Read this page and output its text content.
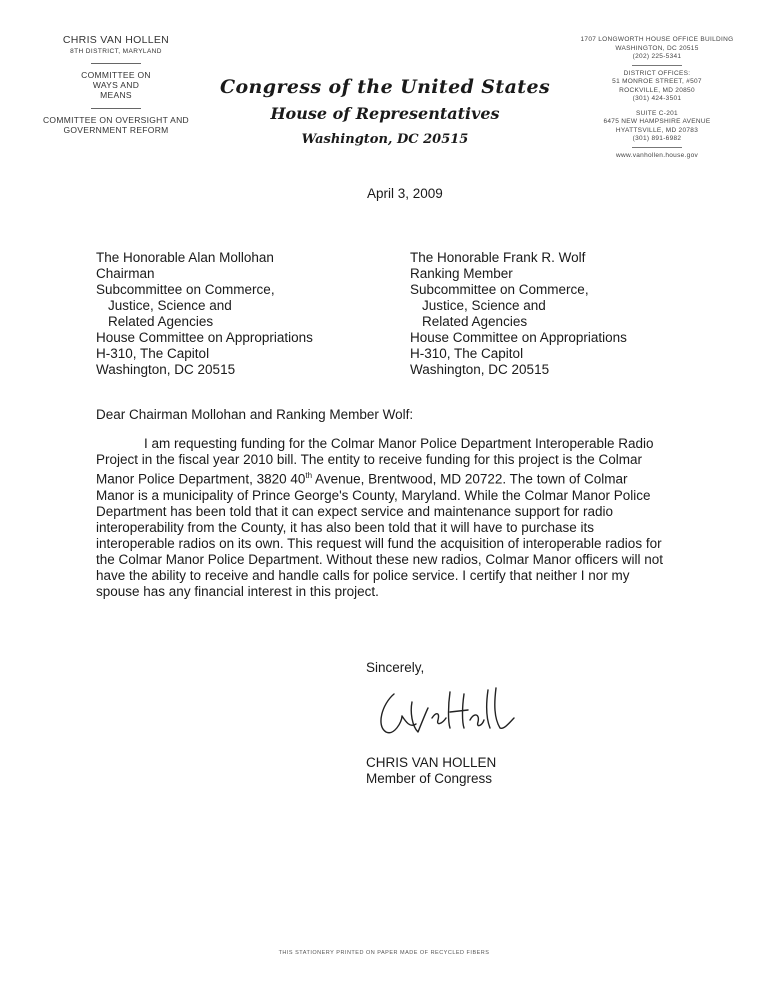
CHRIS VAN HOLLEN
8TH DISTRICT, MARYLAND
COMMITTEE ON WAYS AND MEANS
COMMITTEE ON OVERSIGHT AND GOVERNMENT REFORM
Congress of the United States
House of Representatives
Washington, DC 20515
1707 LONGWORTH HOUSE OFFICE BUILDING
WASHINGTON, DC 20515
(202) 225-5341
DISTRICT OFFICES:
51 MONROE STREET, #507
ROCKVILLE, MD 20850
(301) 424-3501
SUITE C-201
6475 NEW HAMPSHIRE AVENUE
HYATTSVILLE, MD 20783
(301) 891-6982
www.vanhollen.house.gov
April 3, 2009
The Honorable Alan Mollohan
Chairman
Subcommittee on Commerce,
Justice, Science and
Related Agencies
House Committee on Appropriations
H-310, The Capitol
Washington, DC 20515
The Honorable Frank R. Wolf
Ranking Member
Subcommittee on Commerce,
Justice, Science and
Related Agencies
House Committee on Appropriations
H-310, The Capitol
Washington, DC 20515
Dear Chairman Mollohan and Ranking Member Wolf:
I am requesting funding for the Colmar Manor Police Department Interoperable Radio
Project in the fiscal year 2010 bill. The entity to receive funding for this project is the Colmar
Manor Police Department, 3820 40th Avenue, Brentwood, MD 20722. The town of Colmar
Manor is a municipality of Prince George's County, Maryland. While the Colmar Manor Police
Department has been told that it can expect service and maintenance support for radio
interoperability from the County, it has also been told that it will have to purchase its
interoperable radios on its own. This request will fund the acquisition of interoperable radios for
the Colmar Manor Police Department. Without these new radios, Colmar Manor officers will not
have the ability to receive and handle calls for police service. I certify that neither I nor my
spouse has any financial interest in this project.
Sincerely,
CHRIS VAN HOLLEN
Member of Congress
THIS STATIONERY PRINTED ON PAPER MADE OF RECYCLED FIBERS
